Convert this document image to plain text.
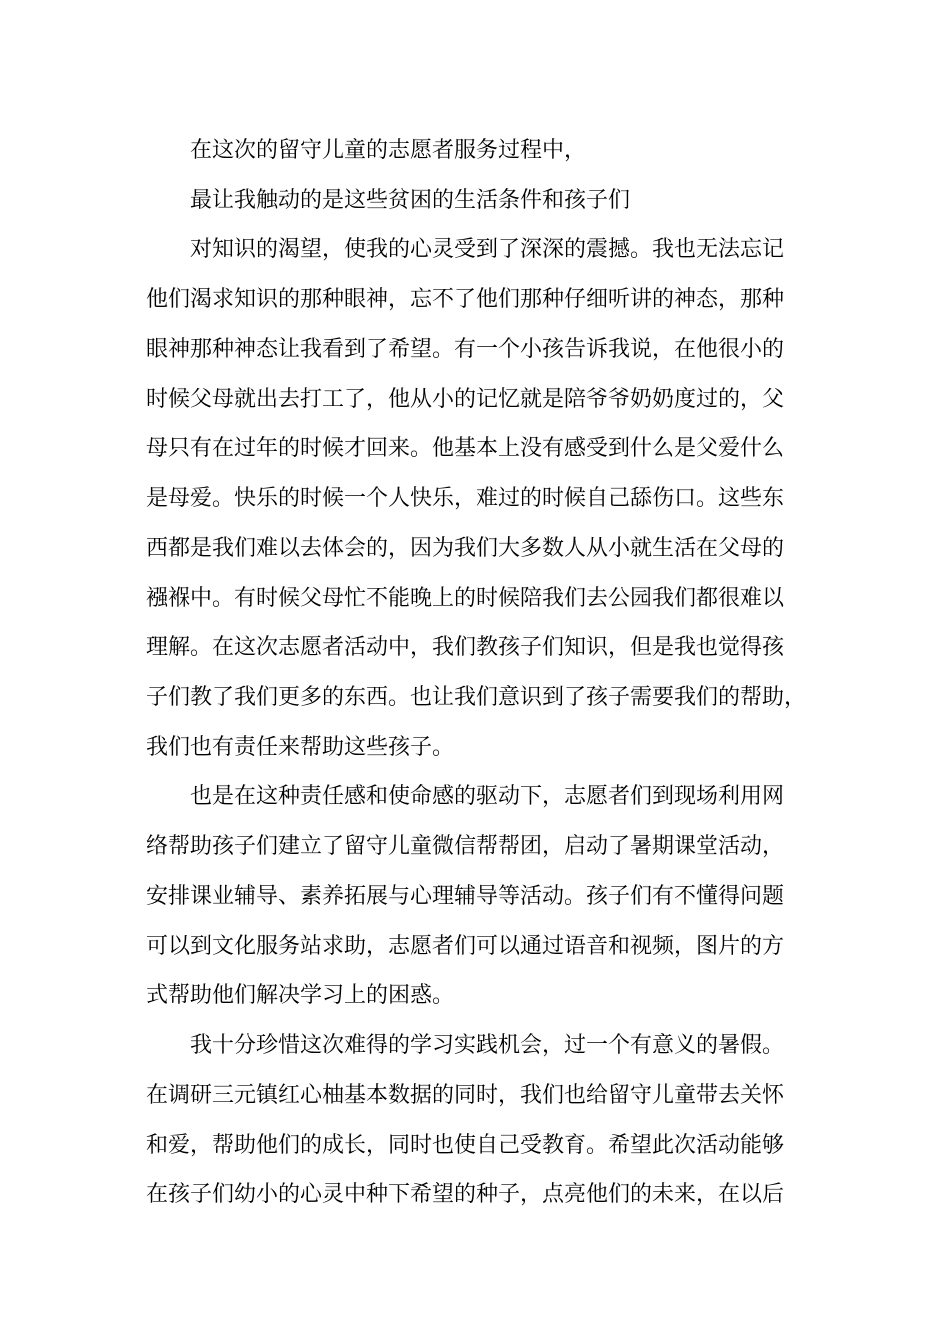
在这次的留守儿童的志愿者服务过程中，

最让我触动的是这些贫困的生活条件和孩子们

对知识的渴望，使我的心灵受到了深深的震撼。我也无法忘记

他们渴求知识的那种眼神，忘不了他们那种仔细听讲的神态，那种

眼神那种神态让我看到了希望。有一个小孩告诉我说，在他很小的

时候父母就出去打工了，他从小的记忆就是陪爷爷奶奶度过的，父

母只有在过年的时候才回来。他基本上没有感受到什么是父爱什么

是母爱。快乐的时候一个人快乐，难过的时候自己舔伤口。这些东

西都是我们难以去体会的，因为我们大多数人从小就生活在父母的

襁褓中。有时候父母忙不能晚上的时候陪我们去公园我们都很难以

理解。在这次志愿者活动中，我们教孩子们知识，但是我也觉得孩

子们教了我们更多的东西。也让我们意识到了孩子需要我们的帮助，

我们也有责任来帮助这些孩子。

也是在这种责任感和使命感的驱动下，志愿者们到现场利用网

络帮助孩子们建立了留守儿童微信帮帮团，启动了暑期课堂活动，

安排课业辅导、素养拓展与心理辅导等活动。孩子们有不懂得问题

可以到文化服务站求助，志愿者们可以通过语音和视频，图片的方

式帮助他们解决学习上的困惑。

我十分珍惜这次难得的学习实践机会，过一个有意义的暑假。

在调研三元镇红心柚基本数据的同时，我们也给留守儿童带去关怀

和爱，帮助他们的成长，同时也使自己受教育。希望此次活动能够

在孩子们幼小的心灵中种下希望的种子，点亮他们的未来，在以后
